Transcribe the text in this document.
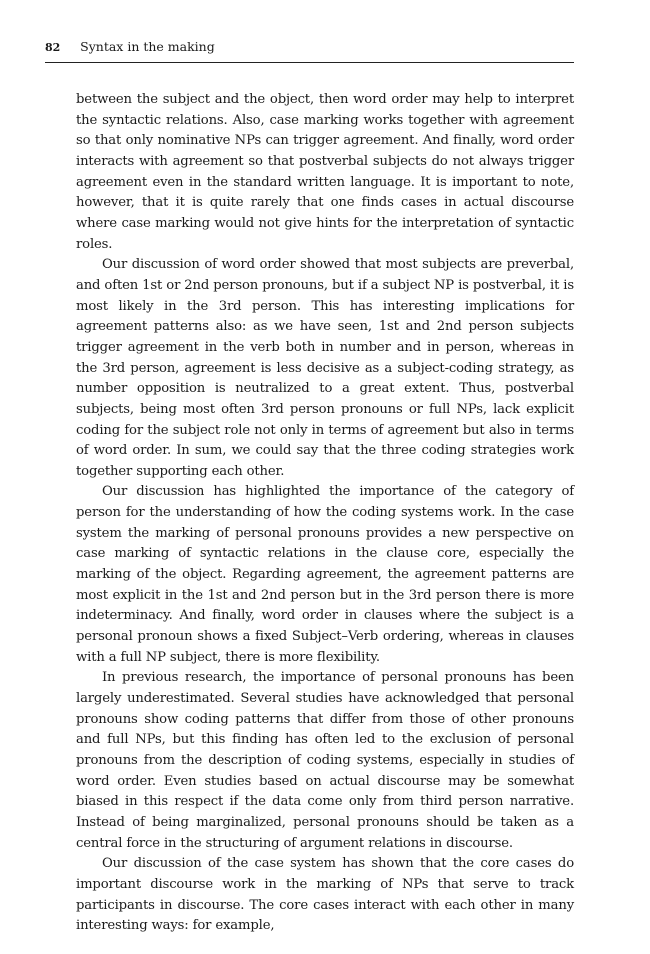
82 Syntax in the making

between the subject and the object, then word order may help to interpret the syntactic relations. Also, case marking works together with agreement so that only nominative NPs can trigger agreement. And finally, word order interacts with agreement so that postverbal subjects do not always trigger agreement even in the standard written language. It is important to note, however, that it is quite rarely that one finds cases in actual discourse where case marking would not give hints for the interpretation of syntactic roles.

Our discussion of word order showed that most subjects are preverbal, and often 1st or 2nd person pronouns, but if a subject NP is postverbal, it is most likely in the 3rd person. This has interesting implications for agreement patterns also: as we have seen, 1st and 2nd person subjects trigger agreement in the verb both in number and in person, whereas in the 3rd person, agreement is less decisive as a subject-coding strategy, as number opposition is neutralized to a great extent. Thus, postverbal subjects, being most often 3rd person pronouns or full NPs, lack explicit coding for the subject role not only in terms of agreement but also in terms of word order. In sum, we could say that the three coding strategies work together supporting each other.

Our discussion has highlighted the importance of the category of person for the understanding of how the coding systems work. In the case system the marking of personal pronouns provides a new perspective on case marking of syntactic relations in the clause core, especially the marking of the object. Regarding agreement, the agreement patterns are most explicit in the 1st and 2nd person but in the 3rd person there is more indeterminacy. And finally, word order in clauses where the subject is a personal pronoun shows a fixed Subject–Verb ordering, whereas in clauses with a full NP subject, there is more flexibility.

In previous research, the importance of personal pronouns has been largely underestimated. Several studies have acknowledged that personal pronouns show coding patterns that differ from those of other pronouns and full NPs, but this finding has often led to the exclusion of personal pronouns from the description of coding systems, especially in studies of word order. Even studies based on actual discourse may be somewhat biased in this respect if the data come only from third person narrative. Instead of being marginalized, personal pronouns should be taken as a central force in the structuring of argument relations in discourse.

Our discussion of the case system has shown that the core cases do important discourse work in the marking of NPs that serve to track participants in discourse. The core cases interact with each other in many interesting ways: for example,
